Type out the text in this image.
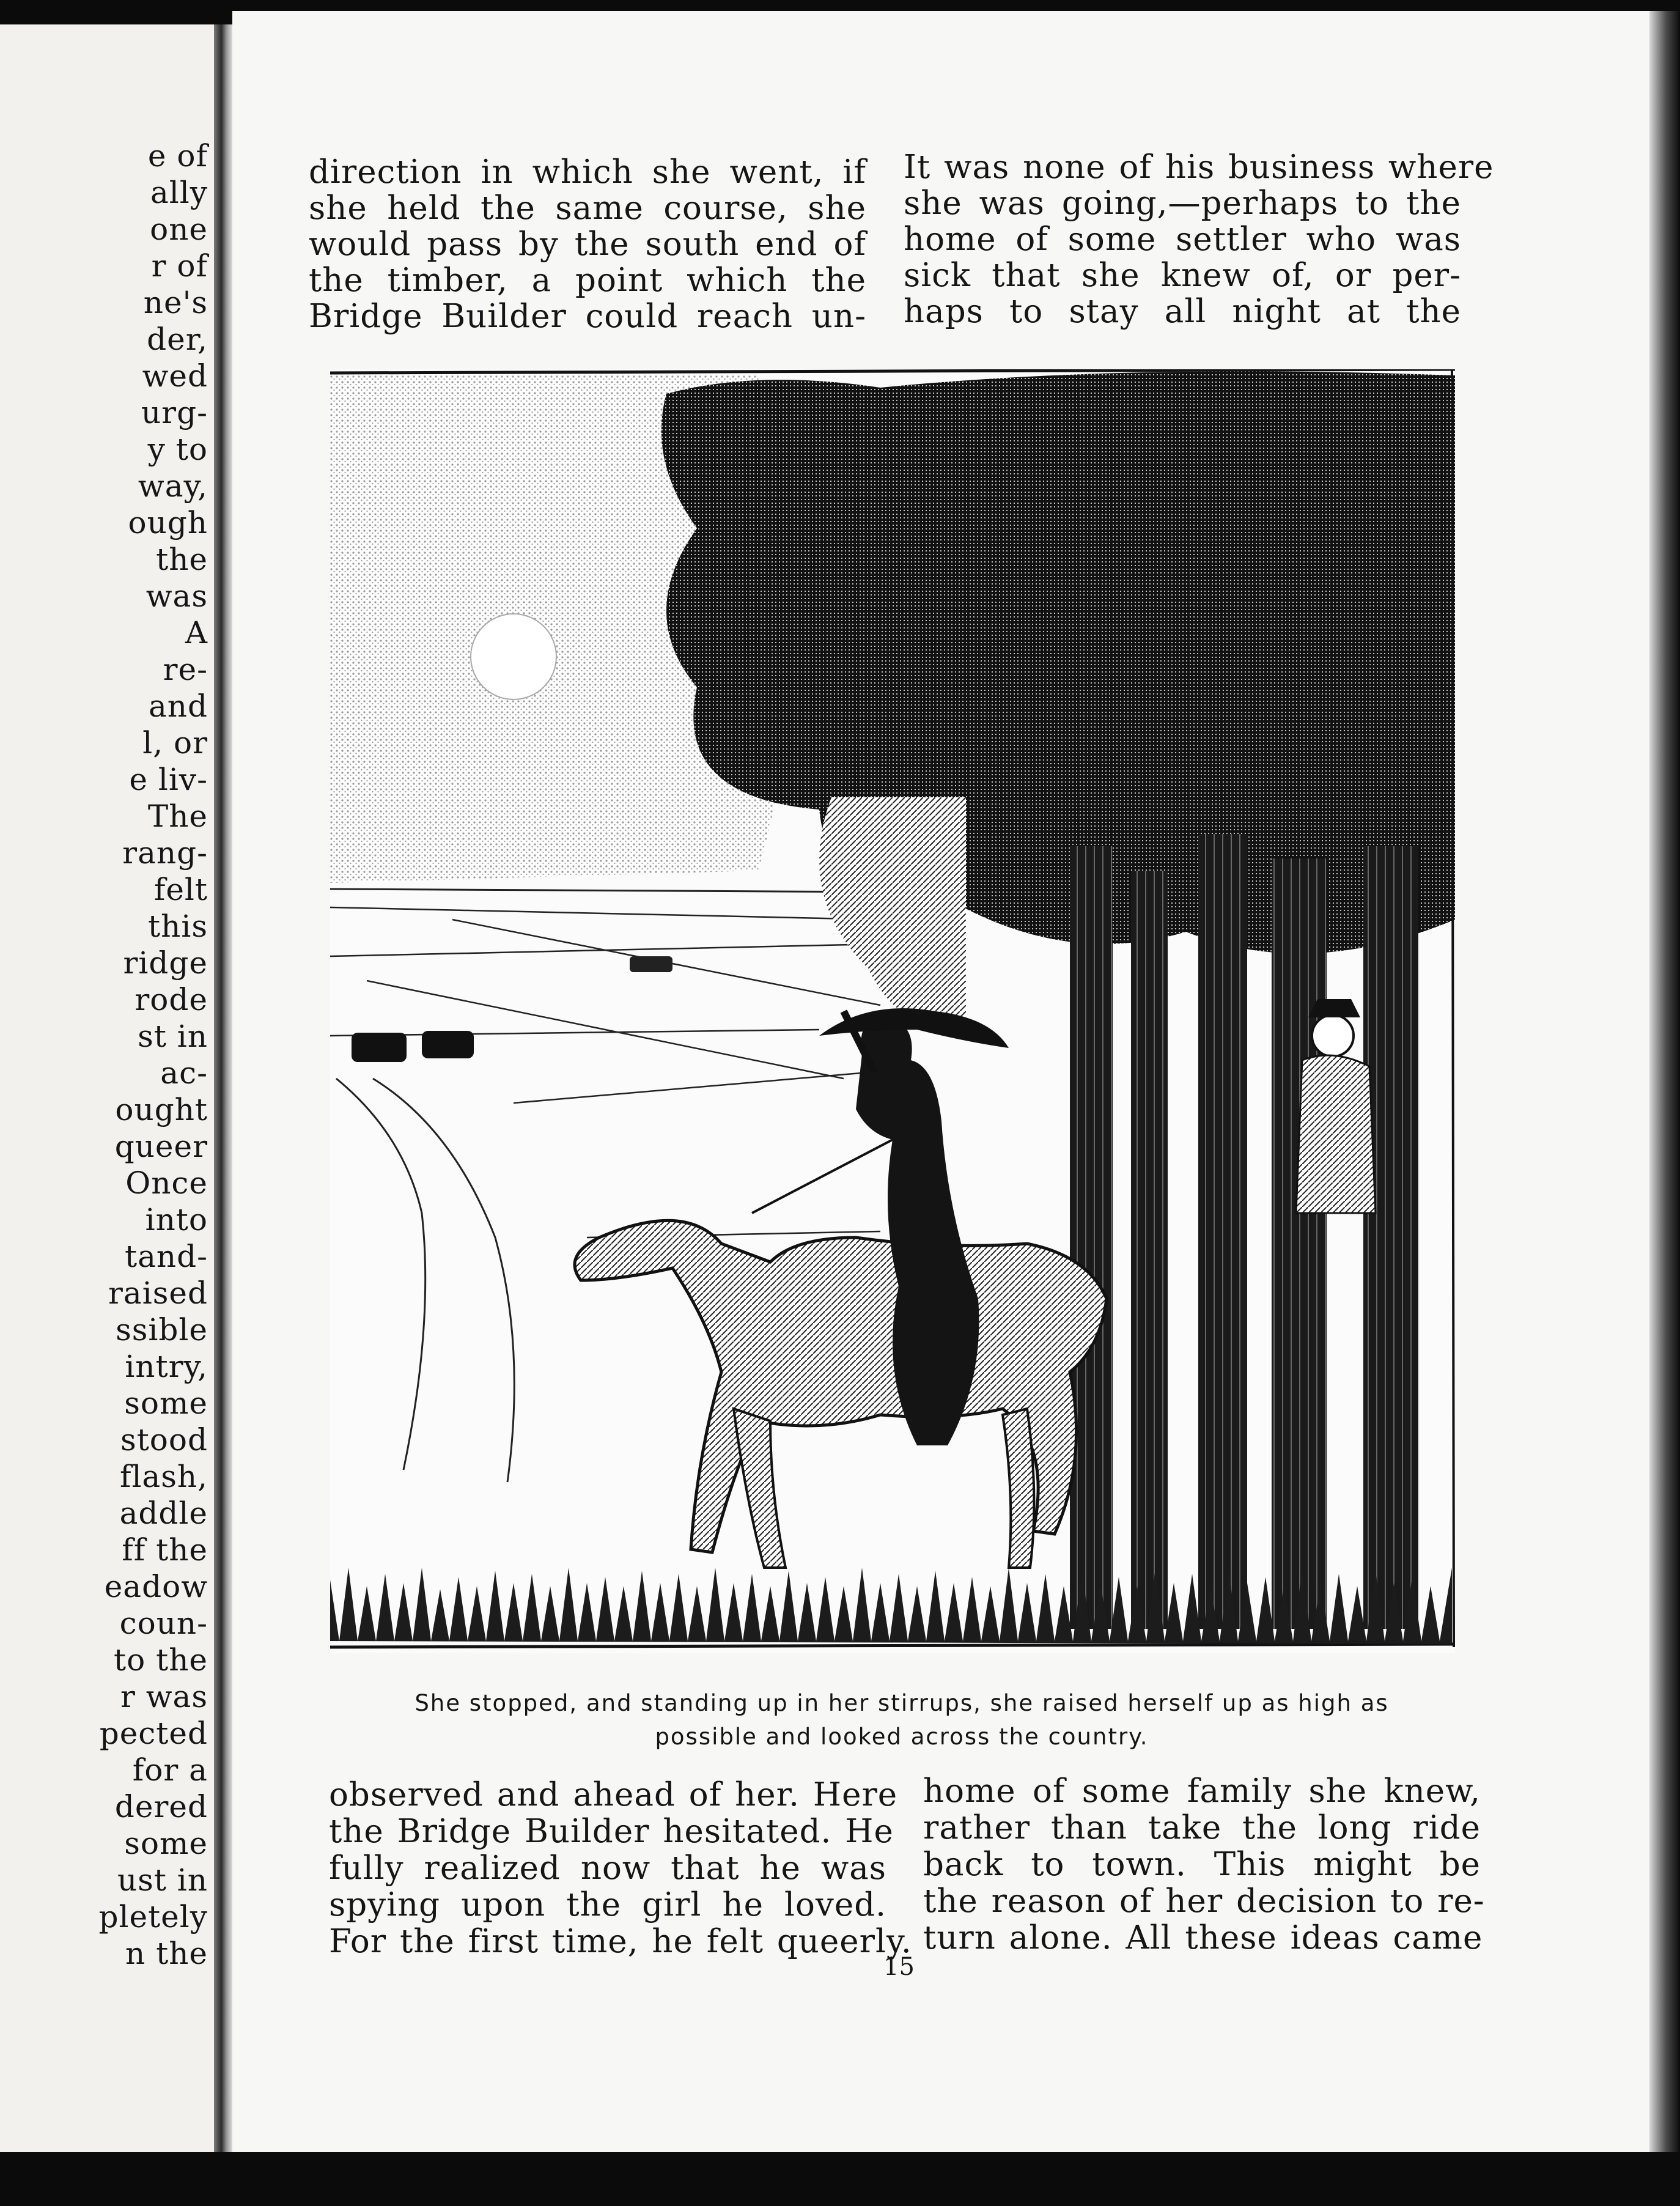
e of
ally
one
r of
ne's
der,
wed
urg-
y to
way,
ough
the
was
A
re-
and
l, or
e liv-
The
rang-
felt
this
ridge
rode
st in
ac-
ought
queer
Once
into
tand-
raised
ssible
intry,
some
stood
flash,
addle
ff the
eadow
coun-
to the
r was
pected
for a
dered
some
ust in
pletely
n the
direction in which she went, if
she held the same course, she
would pass by the south end of
the timber, a point which the
Bridge Builder could reach un-
It was none of his business where
she was going,—perhaps to the
home of some settler who was
sick that she knew of, or per-
haps to stay all night at the
She stopped, and standing up in her stirrups, she raised herself up as high as
possible and looked across the country.
observed and ahead of her. Here
the Bridge Builder hesitated. He
fully realized now that he was
spying upon the girl he loved.
For the first time, he felt queerly.
home of some family she knew,
rather than take the long ride
back to town. This might be
the reason of her decision to re-
turn alone. All these ideas came
15
